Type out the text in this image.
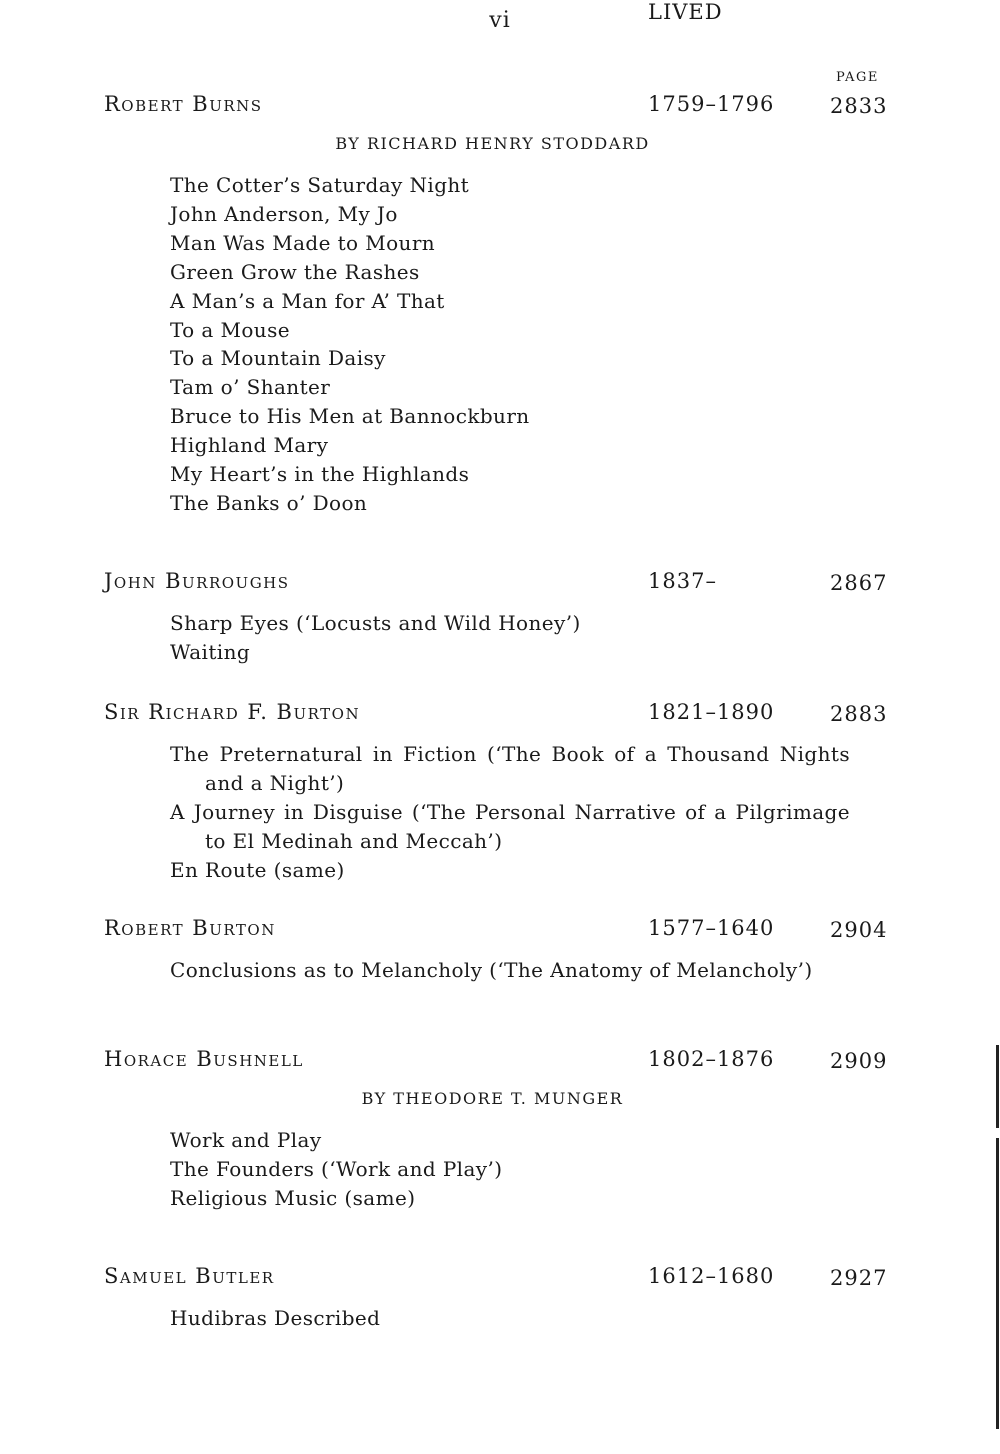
vi	LIVED
PAGE
Robert Burns	1759–1796	2833
BY RICHARD HENRY STODDARD
The Cotter’s Saturday Night
John Anderson, My Jo
Man Was Made to Mourn
Green Grow the Rashes
A Man’s a Man for A’ That
To a Mouse
To a Mountain Daisy
Tam o’ Shanter
Bruce to His Men at Bannockburn
Highland Mary
My Heart’s in the Highlands
The Banks o’ Doon
John Burroughs	1837–	2867
Sharp Eyes (‘Locusts and Wild Honey’)
Waiting
Sir Richard F. Burton	1821–1890	2883
The Preternatural in Fiction (‘The Book of a Thousand Nights and a Night’)
A Journey in Disguise (‘The Personal Narrative of a Pilgrimage to El Medinah and Meccah’)
En Route (same)
Robert Burton	1577–1640	2904
Conclusions as to Melancholy (‘The Anatomy of Melancholy’)
Horace Bushnell	1802–1876	2909
BY THEODORE T. MUNGER
Work and Play
The Founders (‘Work and Play’)
Religious Music (same)
Samuel Butler	1612–1680	2927
Hudibras Described
